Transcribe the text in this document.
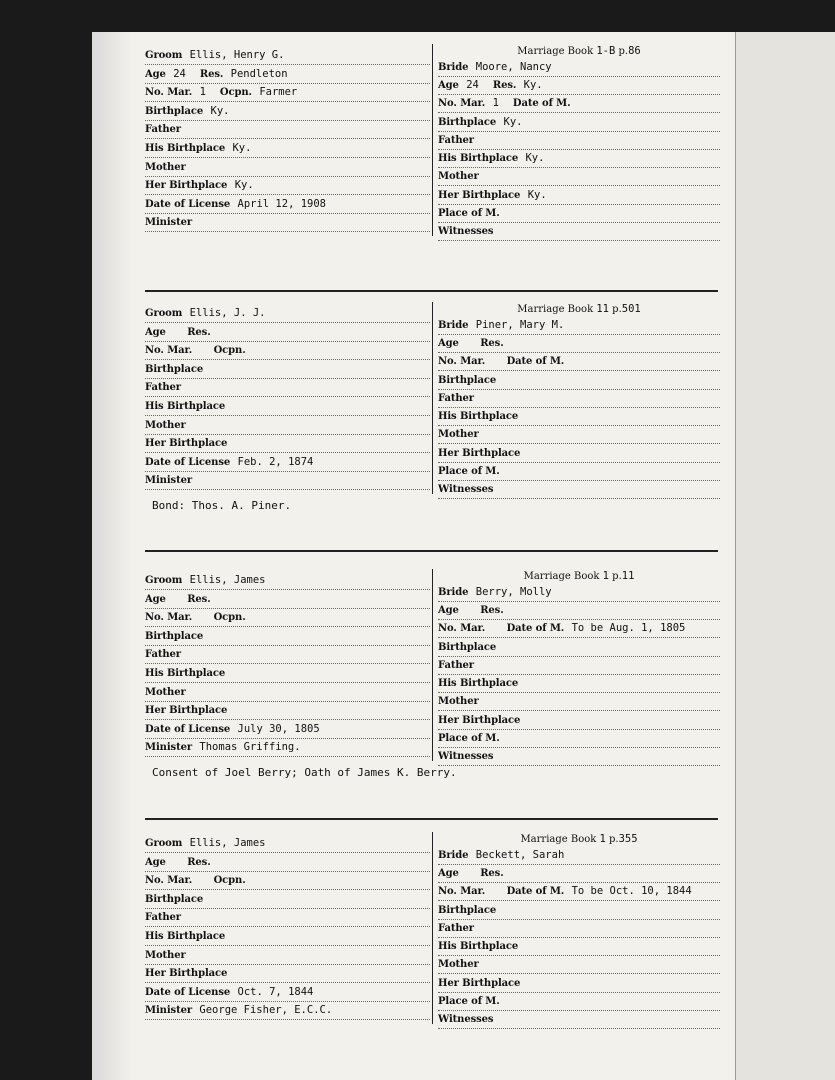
Groom Ellis, Henry G.
Age 24 Res. Pendleton
No. Mar. 1 Ocpn. Farmer
Birthplace Ky.
Father
His Birthplace Ky.
Mother
Her Birthplace Ky.
Date of License April 12, 1908
Minister
Marriage Book 1-B p.86
Bride Moore, Nancy
Age 24 Res. Ky.
No. Mar. 1 Date of M.
Birthplace Ky.
Father
His Birthplace Ky.
Mother
Her Birthplace Ky.
Place of M.
Witnesses
Groom Ellis, J. J.
Age Res.
No. Mar. Ocpn.
Birthplace
Father
His Birthplace
Mother
Her Birthplace
Date of License Feb. 2, 1874
Minister
Marriage Book 11 p.501
Bride Piner, Mary M.
Age Res.
No. Mar. Date of M.
Birthplace
Father
His Birthplace
Mother
Her Birthplace
Place of M.
Witnesses
Bond: Thos. A. Piner.
Groom Ellis, James
Age Res.
No. Mar. Ocpn.
Birthplace
Father
His Birthplace
Mother
Her Birthplace
Date of License July 30, 1805
Minister Thomas Griffing.
Marriage Book 1 p.11
Bride Berry, Molly
Age Res.
No. Mar. Date of M. To be Aug. 1, 1805
Birthplace
Father
His Birthplace
Mother
Her Birthplace
Place of M.
Witnesses
Consent of Joel Berry; Oath of James K. Berry.
Groom Ellis, James
Age Res.
No. Mar. Ocpn.
Birthplace
Father
His Birthplace
Mother
Her Birthplace
Date of License Oct. 7, 1844
Minister George Fisher, E.C.C.
Marriage Book 1 p.355
Bride Beckett, Sarah
Age Res.
No. Mar. Date of M. To be Oct. 10, 1844
Birthplace
Father
His Birthplace
Mother
Her Birthplace
Place of M.
Witnesses
